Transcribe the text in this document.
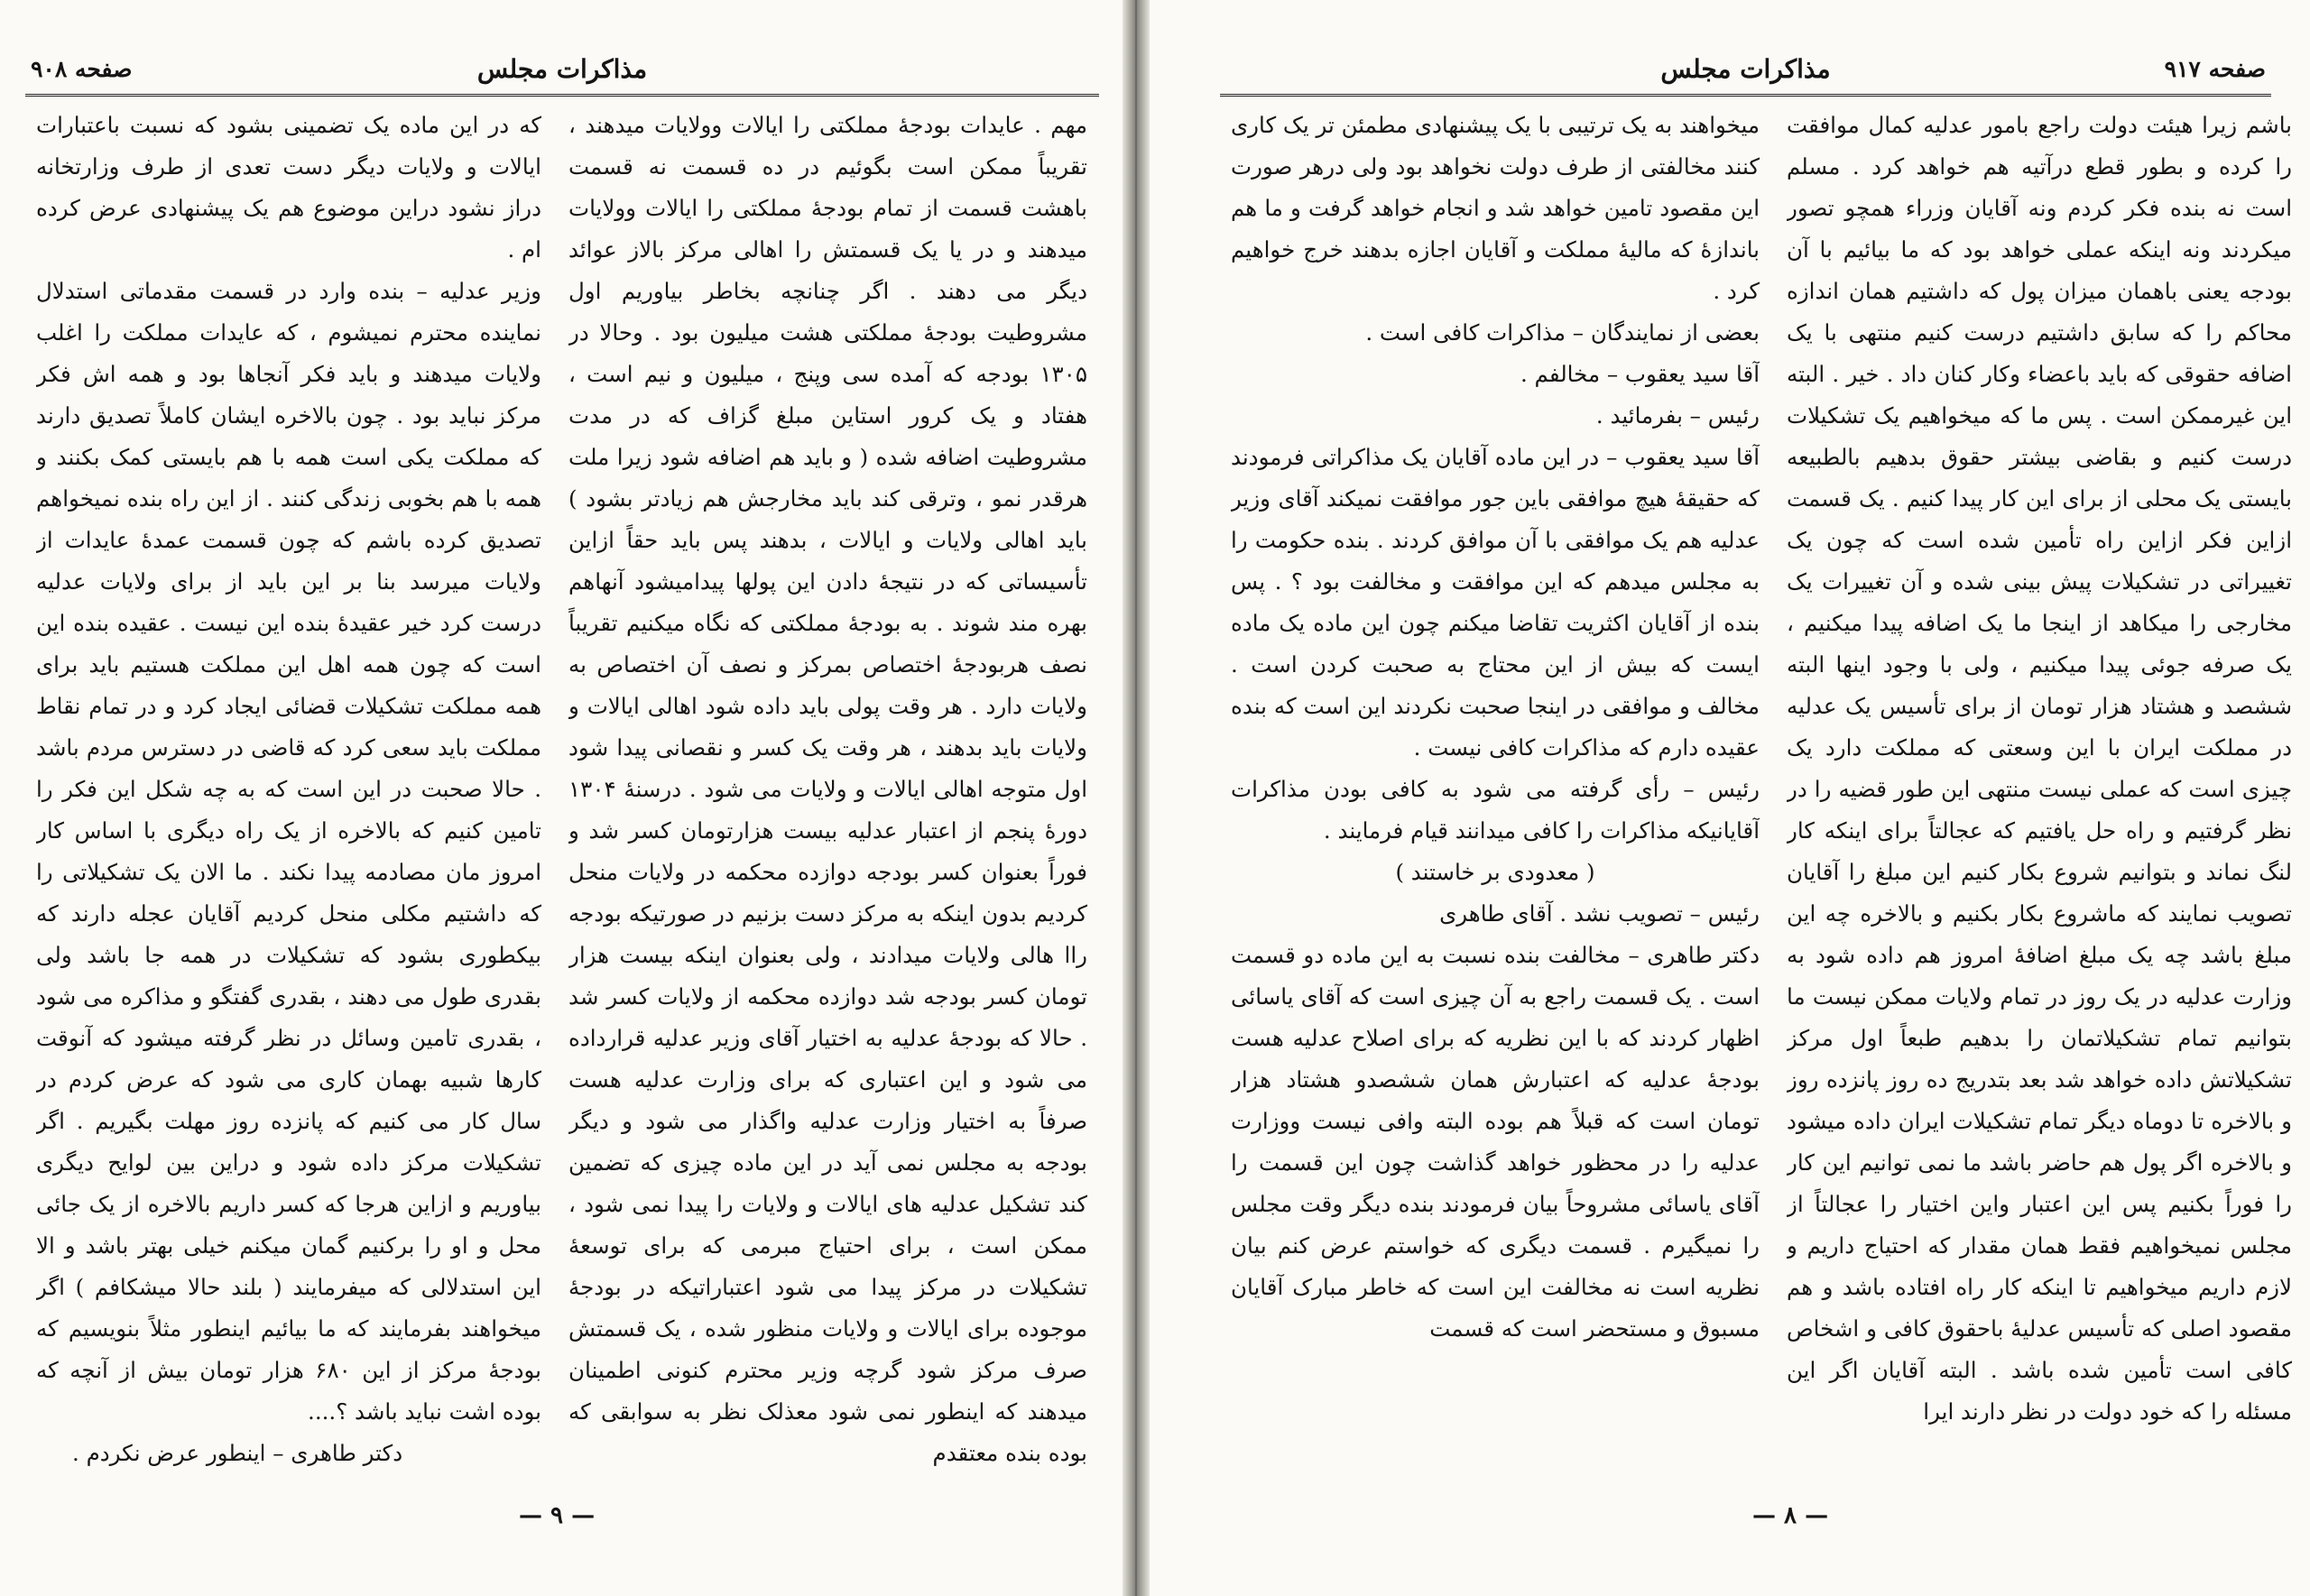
مذاکرات مجلس
صفحه ۹۰۸

مهم . عایدات بودجهٔ مملکتی را ایالات وولایات میدهند ، تقریباً ممکن است بگوئیم در ده قسمت نه قسمت باهشت قسمت از تمام بودجهٔ مملکتی را ایالات وولایات میدهند و در یا یک قسمتش را اهالی مرکز بالاز عوائد دیگر می دهند . اگر چنانچه بخاطر بیاوریم اول مشروطیت بودجهٔ مملکتی هشت میلیون بود . وحالا در ۱۳۰۵ بودجه که آمده سی وپنج ، میلیون و نیم است ، هفتاد و یک کرور استاین مبلغ گزاف که در مدت مشروطیت اضافه شده ( و باید هم اضافه شود زیرا ملت هرقدر نمو ، وترقی کند باید مخارجش هم زیادتر بشود ) باید اهالی ولایات و ایالات ، بدهند پس باید حقاً ازاین تأسیساتی که در نتیجهٔ دادن این پولها پیدامیشود آنهاهم بهره مند شوند . به بودجهٔ مملکتی که نگاه میکنیم تقریباً نصف هربودجهٔ اختصاص بمرکز و نصف آن اختصاص به ولایات دارد . هر وقت پولی باید داده شود اهالی ایالات و ولایات باید بدهند ، هر وقت یک کسر و نقصانی پیدا شود اول متوجه اهالی ایالات و ولایات می شود . درسنهٔ ۱۳۰۴ دورهٔ پنجم از اعتبار عدلیه بیست هزارتومان کسر شد و فوراً بعنوان کسر بودجه دوازده محکمه در ولایات منحل کردیم بدون اینکه به مرکز دست بزنیم در صورتیکه بودجه راا هالی ولایات میدادند ، ولی بعنوان اینکه بیست هزار تومان کسر بودجه شد دوازده محکمه از ولایات کسر شد . حالا که بودجهٔ عدلیه به اختیار آقای وزیر عدلیه قرارداده می شود و این اعتباری که برای وزارت عدلیه هست صرفاً به اختیار وزارت عدلیه واگذار می شود و دیگر بودجه به مجلس نمی آید در این ماده چیزی که تضمین کند تشکیل عدلیه های ایالات و ولایات را پیدا نمی شود ، ممکن است ، برای احتیاج مبرمی که برای توسعهٔ تشکیلات در مرکز پیدا می شود اعتباراتیکه در بودجهٔ موجوده برای ایالات و ولایات منظور شده ، یک قسمتش صرف مرکز شود گرچه وزیر محترم کنونی اطمینان میدهند که اینطور نمی شود معذلک نظر به سوابقی که بوده بنده معتقدم

که در این ماده یک تضمینی بشود که نسبت باعتبارات ایالات و ولایات دیگر دست تعدی از طرف وزارتخانه دراز نشود دراین موضوع هم یک پیشنهادی عرض کرده ام .

وزیر عدلیه – بنده وارد در قسمت مقدماتی استدلال نماینده محترم نمیشوم ، که عایدات مملکت را اغلب ولایات میدهند و باید فکر آنجاها بود و همه اش فکر مرکز نباید بود . چون بالاخره ایشان کاملاً تصدیق دارند که مملکت یکی است همه با هم بایستی کمک بکنند و همه با هم بخوبی زندگی کنند . از این راه بنده نمیخواهم تصدیق کرده باشم که چون قسمت عمدهٔ عایدات از ولایات میرسد بنا بر این باید از برای ولایات عدلیه درست کرد خیر عقیدهٔ بنده این نیست . عقیده بنده این است که چون همه اهل این مملکت هستیم باید برای همه مملکت تشکیلات قضائی ایجاد کرد و در تمام نقاط مملکت باید سعی کرد که قاضی در دسترس مردم باشد . حالا صحبت در این است که به چه شکل این فکر را تامین کنیم که بالاخره از یک راه دیگری با اساس کار امروز مان مصادمه پیدا نکند . ما الان یک تشکیلاتی را که داشتیم مکلی منحل کردیم آقایان عجله دارند که بیکطوری بشود که تشکیلات در همه جا باشد ولی بقدری طول می دهند ، بقدری گفتگو و مذاکره می شود ، بقدری تامین وسائل در نظر گرفته میشود که آنوقت کارها شبیه بهمان کاری می شود که عرض کردم در سال کار می کنیم که پانزده روز مهلت بگیریم . اگر تشکیلات مرکز داده شود و دراین بین لوایح دیگری بیاوریم و ازاین هرجا که کسر داریم بالاخره از یک جائی محل و او را برکنیم گمان میکنم خیلی بهتر باشد و الا این استدلالی که میفرمایند ( بلند حالا میشکافم ) اگر میخواهند بفرمایند که ما بیائیم اینطور مثلاً بنویسیم که بودجهٔ مرکز از این ۶۸۰ هزار تومان بیش از آنچه که بوده اشت نباید باشد ؟....

دکتر طاهری – اینطور عرض نکردم .

— ۹ —
مذاکرات مجلس	صفحه ۹۱۷

باشم زیرا هیئت دولت راجع بامور عدلیه کمال موافقت را کرده و بطور قطع درآتیه هم خواهد کرد . مسلم است نه بنده فکر کردم ونه آقایان وزراء همچو تصور میکردند ونه اینکه عملی خواهد بود که ما بیائیم با آن بودجه یعنی باهمان میزان پول که داشتیم همان اندازه محاکم را که سابق داشتیم درست کنیم منتهی با یک اضافه حقوقی که باید باعضاء وکار کنان داد . خیر . البته این غیرممکن است . پس ما که میخواهیم یک تشکیلات درست کنیم و بقاضی بیشتر حقوق بدهیم بالطبیعه بایستی یک محلی از برای این کار پیدا کنیم . یک قسمت ازاین فکر ازاین راه تأمین شده است که چون یک تغییراتی در تشکیلات پیش بینی شده و آن تغییرات یک مخارجی را میکاهد از اینجا ما یک اضافه پیدا میکنیم ، یک صرفه جوئی پیدا میکنیم ، ولی با وجود اینها البته ششصد و هشتاد هزار تومان از برای تأسیس یک عدلیه در مملکت ایران با این وسعتی که مملکت دارد یک چیزی است که عملی نیست منتهی این طور قضیه را در نظر گرفتیم و راه حل یافتیم که عجالتاً برای اینکه کار لنگ نماند و بتوانیم شروع بکار کنیم این مبلغ را آقایان تصویب نمایند که ماشروع بکار بکنیم و بالاخره چه این مبلغ باشد چه یک مبلغ اضافهٔ امروز هم داده شود به وزارت عدلیه در یک روز در تمام ولایات ممکن نیست ما بتوانیم تمام تشکیلاتمان را بدهیم طبعاً اول مرکز تشکیلاتش داده خواهد شد بعد بتدریج ده روز پانزده روز و بالاخره تا دوماه دیگر تمام تشکیلات ایران داده میشود و بالاخره اگر پول هم حاضر باشد ما نمی توانیم این کار را فوراً بکنیم پس این اعتبار واین اختیار را عجالتاً از مجلس نمیخواهیم فقط همان مقدار که احتیاج داریم و لازم داریم میخواهیم تا اینکه کار راه افتاده باشد و هم مقصود اصلی که تأسیس عدلیهٔ باحقوق کافی و اشخاص کافی است تأمین شده باشد . البته آقایان اگر این مسئله را که خود دولت در نظر دارند ایرا

میخواهند به یک ترتیبی با یک پیشنهادی مطمئن تر یک کاری کنند مخالفتی از طرف دولت نخواهد بود ولی درهر صورت این مقصود تامین خواهد شد و انجام خواهد گرفت و ما هم باندازهٔ که مالیهٔ مملکت و آقایان اجازه بدهند خرج خواهیم کرد .

بعضی از نمایندگان – مذاکرات کافی است .

آقا سید یعقوب – مخالفم .

رئیس – بفرمائید .

آقا سید یعقوب – در این ماده آقایان یک مذاکراتی فرمودند که حقیقهٔ هیچ موافقی باین جور موافقت نمیکند آقای وزیر عدلیه هم یک موافقی با آن موافق کردند . بنده حکومت را به مجلس میدهم که این موافقت و مخالفت بود ؟ . پس بنده از آقایان اکثریت تقاضا میکنم چون این ماده یک ماده ایست که بیش از این محتاج به صحبت کردن است . مخالف و موافقی در اینجا صحبت نکردند این است که بنده عقیده دارم که مذاکرات کافی نیست .

رئیس – رأی گرفته می شود به کافی بودن مذاکرات آقایانیکه مذاکرات را کافی میدانند قیام فرمایند .

( معدودی بر خاستند )

رئیس – تصویب نشد . آقای طاهری

دکتر طاهری – مخالفت بنده نسبت به این ماده دو قسمت است . یک قسمت راجع به آن چیزی است که آقای یاسائی اظهار کردند که با این نظریه که برای اصلاح عدلیه هست بودجهٔ عدلیه که اعتبارش همان ششصدو هشتاد هزار تومان است که قبلاً هم بوده البته وافی نیست ووزارت عدلیه را در محظور خواهد گذاشت چون این قسمت را آقای یاسائی مشروحاً بیان فرمودند بنده دیگر وقت مجلس را نمیگیرم . قسمت دیگری که خواستم عرض کنم بیان نظریه است نه مخالفت این است که خاطر مبارک آقایان مسبوق و مستحضر است که قسمت

— ۸ —
